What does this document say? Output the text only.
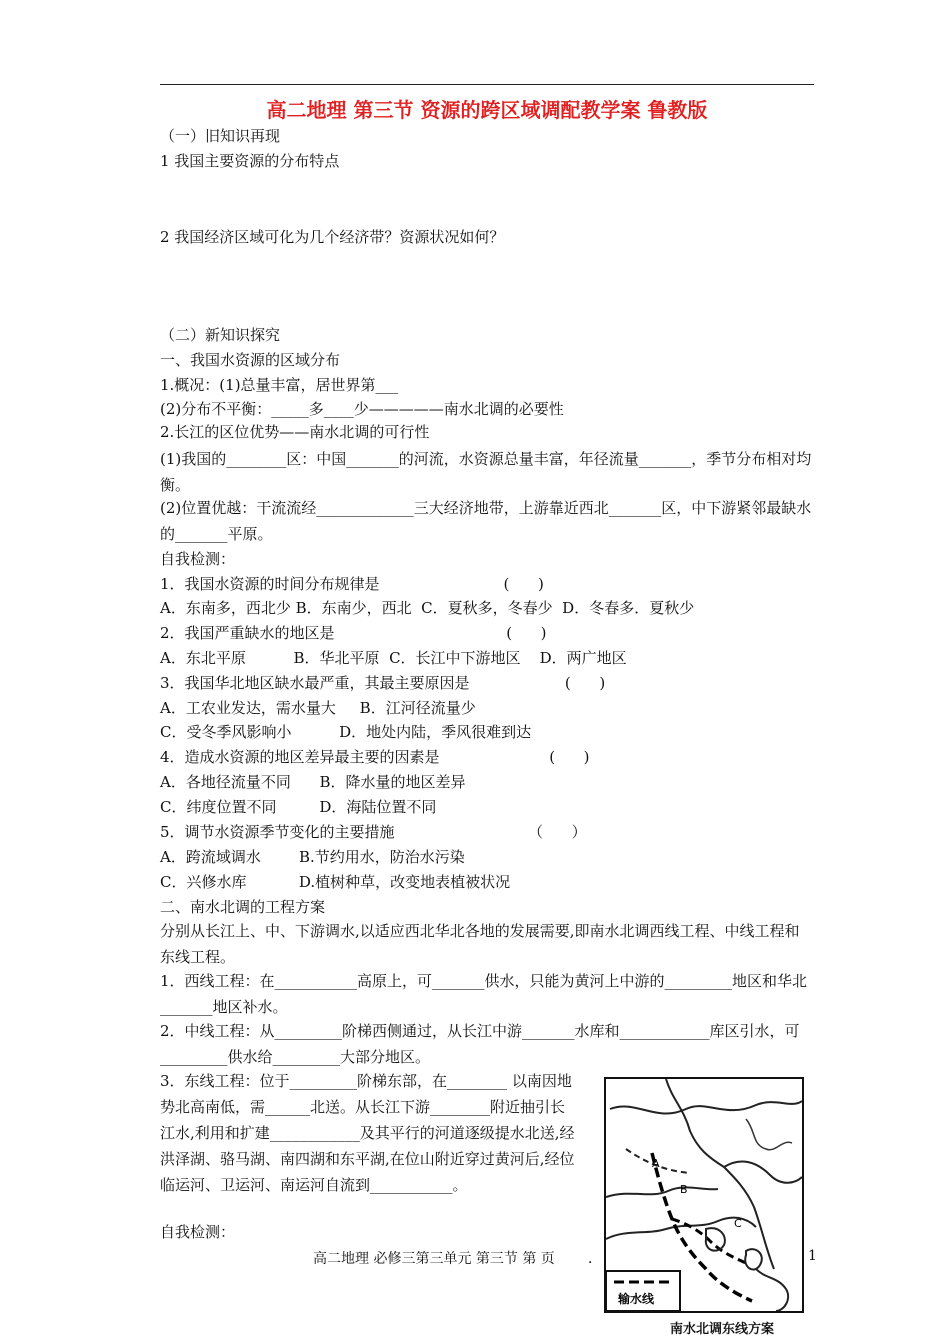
高二地理 第三节 资源的跨区域调配教学案 鲁教版
（一）旧知识再现
1 我国主要资源的分布特点
2 我国经济区域可化为几个经济带？资源状况如何？
（二）新知识探究
一、我国水资源的区域分布
1.概况：(1)总量丰富，居世界第___
(2)分布不平衡：_____多____少—————南水北调的必要性
2.长江的区位优势——南水北调的可行性
(1)我国的________区：中国_______的河流，水资源总量丰富，年径流量_______，季节分布相对均衡。
(2)位置优越：干流流经_____________三大经济地带，上游靠近西北_______区，中下游紧邻最缺水的_______平原。
自我检测：
1．我国水资源的时间分布规律是                          (      )
A．东南多，西北少 B．东南少，西北  C．夏秋多，冬春少  D．冬春多．夏秋少
2．我国严重缺水的地区是                                    (      )
A．东北平原          B．华北平原  C．长江中下游地区    D．两广地区
3．我国华北地区缺水最严重，其最主要原因是                    (      )
A．工农业发达，需水量大     B．江河径流量少
C．受冬季风影响小          D．地处内陆，季风很难到达
4．造成水资源的地区差异最主要的因素是                       (      )
A．各地径流量不同      B．降水量的地区差异
C．纬度位置不同         D．海陆位置不同
5．调节水资源季节变化的主要措施                            （      ）
A．跨流域调水        B.节约用水，防治水污染
C．兴修水库           D.植树种草，改变地表植被状况
二、南水北调的工程方案
分别从长江上、中、下游调水,以适应西北华北各地的发展需要,即南水北调西线工程、中线工程和东线工程。
1．西线工程：在___________高原上，可_______供水，只能为黄河上中游的_________地区和华北_______地区补水。
2．中线工程：从_________阶梯西侧通过，从长江中游_______水库和____________库区引水，可_________供水给_________大部分地区。
3．东线工程：位于_________阶梯东部，在________ 以南因地势北高南低，需______北送。从长江下游________附近抽引长江水,利用和扩建____________及其平行的河道逐级提水北送,经洪泽湖、骆马湖、南四湖和东平湖,在位山附近穿过黄河后,经位临运河、卫运河、南运河自流到___________。
自我检测：
高二地理 必修三第三单元 第三节 第 页 ．	1
A
B
C
输水线
南水北调东线方案
